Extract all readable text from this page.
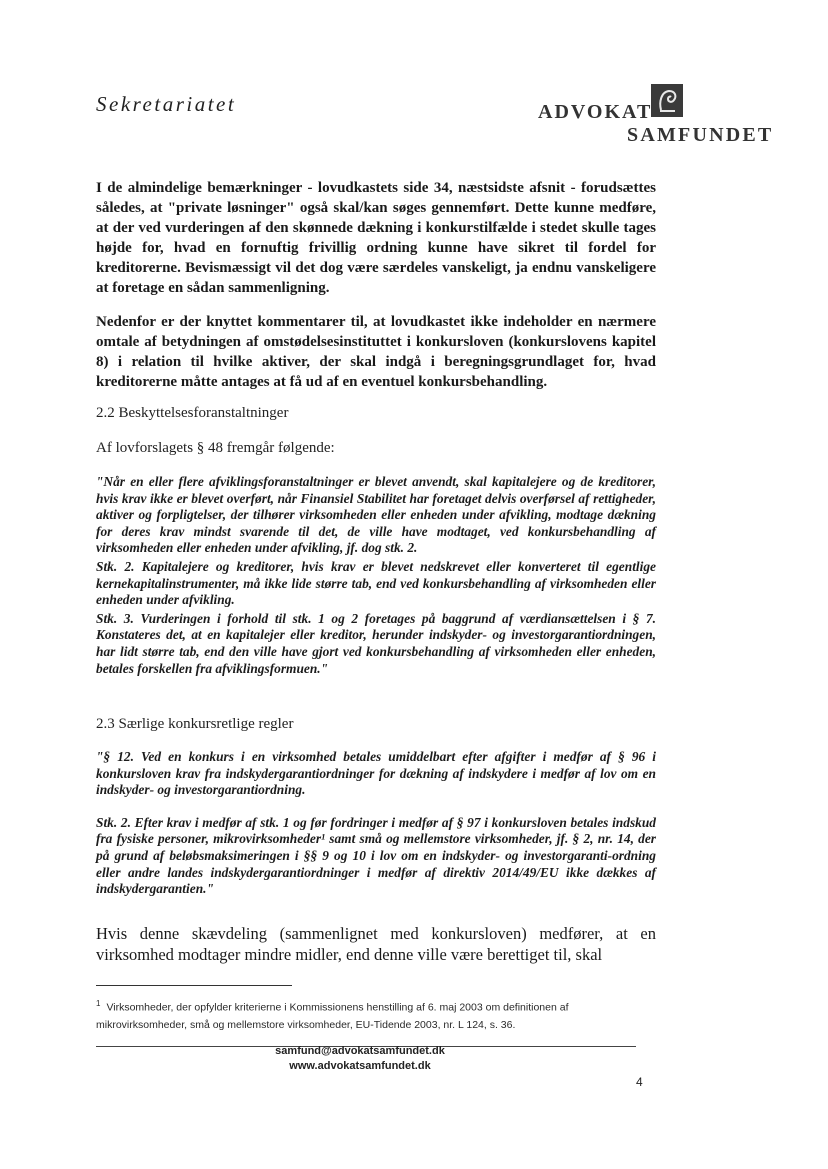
Sekretariatet	ADVOKAT
SAMFUNDET
I de almindelige bemærkninger - lovudkastets side 34, næstsidste afsnit - forudsættes således, at "private løsninger" også skal/kan søges gennemført. Dette kunne medføre, at der ved vurderingen af den skønnede dækning i konkurstilfælde i stedet skulle tages højde for, hvad en fornuftig frivillig ordning kunne have sikret til fordel for kreditorerne. Bevismæssigt vil det dog være særdeles vanskeligt, ja endnu vanskeligere at foretage en sådan sammenligning.
Nedenfor er der knyttet kommentarer til, at lovudkastet ikke indeholder en nærmere omtale af betydningen af omstødelsesinstituttet i konkursloven (konkurslovens kapitel 8) i relation til hvilke aktiver, der skal indgå i beregningsgrundlaget for, hvad kreditorerne måtte antages at få ud af en eventuel konkursbehandling.
2.2 Beskyttelsesforanstaltninger
Af lovforslagets § 48 fremgår følgende:

"Når en eller flere afviklingsforanstaltninger er blevet anvendt, skal kapitalejere og de kreditorer, hvis krav ikke er blevet overført, når Finansiel Stabilitet har foretaget delvis overførsel af rettigheder, aktiver og forpligtelser, der tilhører virksomheden eller enheden under afvikling, modtage dækning for deres krav mindst svarende til det, de ville have modtaget, ved konkursbehandling af virksomheden eller enheden under afvikling, jf. dog stk. 2.

Stk. 2. Kapitalejere og kreditorer, hvis krav er blevet nedskrevet eller konverteret til egentlige kernekapitalinstrumenter, må ikke lide større tab, end ved konkursbehandling af virksomheden eller enheden under afvikling.

Stk. 3. Vurderingen i forhold til stk. 1 og 2 foretages på baggrund af værdiansættelsen i § 7. Konstateres det, at en kapitalejer eller kreditor, herunder indskyder- og investorgarantiordningen, har lidt større tab, end den ville have gjort ved konkursbehandling af virksomheden eller enheden, betales forskellen fra afviklingsformuen."

2.3 Særlige konkursretlige regler

"§ 12. Ved en konkurs i en virksomhed betales umiddelbart efter afgifter i medfør af § 96 i konkursloven krav fra indskydergarantiordninger for dækning af indskydere i medfør af lov om en indskyder- og investorgarantiordning.

Stk. 2. Efter krav i medfør af stk. 1 og før fordringer i medfør af § 97 i konkursloven betales indskud fra fysiske personer, mikrovirksomheder¹ samt små og mellemstore virksomheder, jf. § 2, nr. 14, der på grund af beløbsmaksimeringen i §§ 9 og 10 i lov om en indskyder- og investorgaranti-ordning eller andre landes indskydergarantiordninger i medfør af direktiv 2014/49/EU ikke dækkes af indskydergarantien."

Hvis denne skævdeling (sammenlignet med konkursloven) medfører, at en virksomhed modtager mindre midler, end denne ville være berettiget til, skal
$^1$ Virksomheder, der opfylder kriterierne i Kommissionens henstilling af 6. maj 2003 om definitionen af mikrovirksomheder, små og mellemstore virksomheder, EU-Tidende 2003, nr. L 124, s. 36.
samfund@advokatsamfundet.dk
www.advokatsamfundet.dk
4
